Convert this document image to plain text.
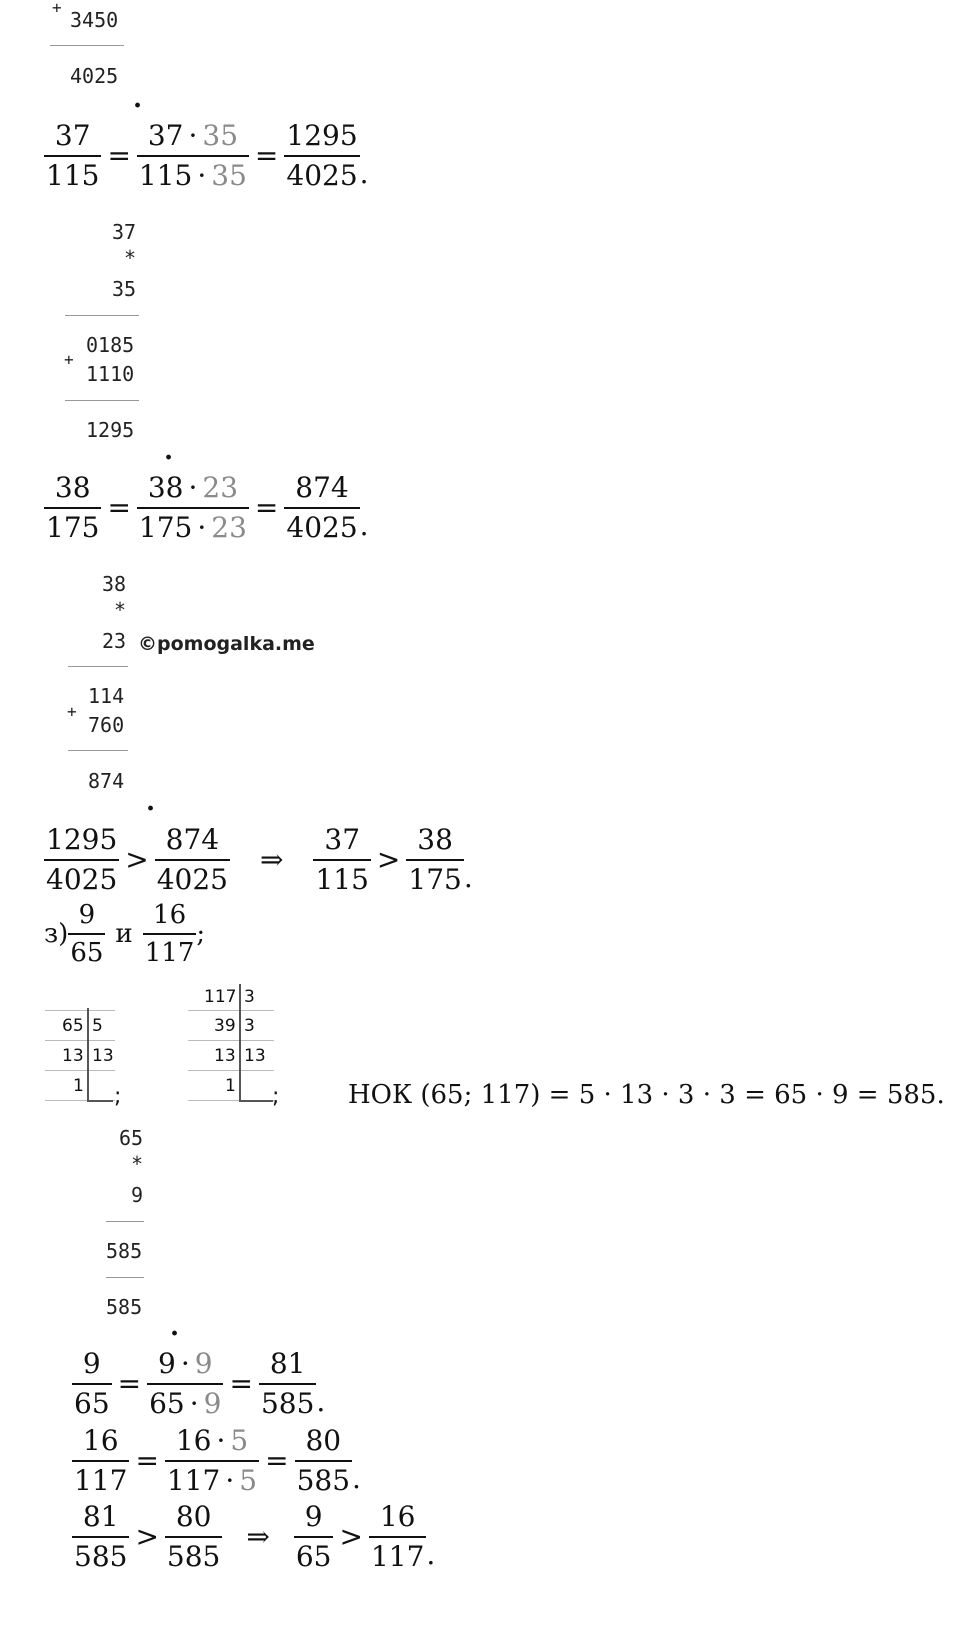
+
3450
4025
.
$\frac{37}{115} = \frac{37 \cdot 35}{115 \cdot 35} = \frac{1295}{4025}$ .
37
*
35
+
0185
1110
1295
.
$\frac{38}{175} = \frac{38 \cdot 23}{175 \cdot 23} = \frac{874}{4025}$ .
38
*
23 ©pomogalka.me
+
114
760
874
.
$\frac{1295}{4025} > \frac{874}{4025}$ ⇒ $\frac{37}{115} > \frac{38}{175}$ .
$з) \frac{9}{65}$ и $\frac{16}{117}$ ;
65 5
13 13
1 ;
117 3
39 3
13 13
1 ;	НОК (65; 117) = 5 · 13 · 3 · 3 = 65 · 9 = 585.
65
*
9
585
585
.
$\frac{9}{65} = \frac{9 \cdot 9}{65 \cdot 9} = \frac{81}{585}$ .
$\frac{16}{117} = \frac{16 \cdot 5}{117 \cdot 5} = \frac{80}{585}$ .
$\frac{81}{585} > \frac{80}{585}$ ⇒ $\frac{9}{65} > \frac{16}{117}$ .
